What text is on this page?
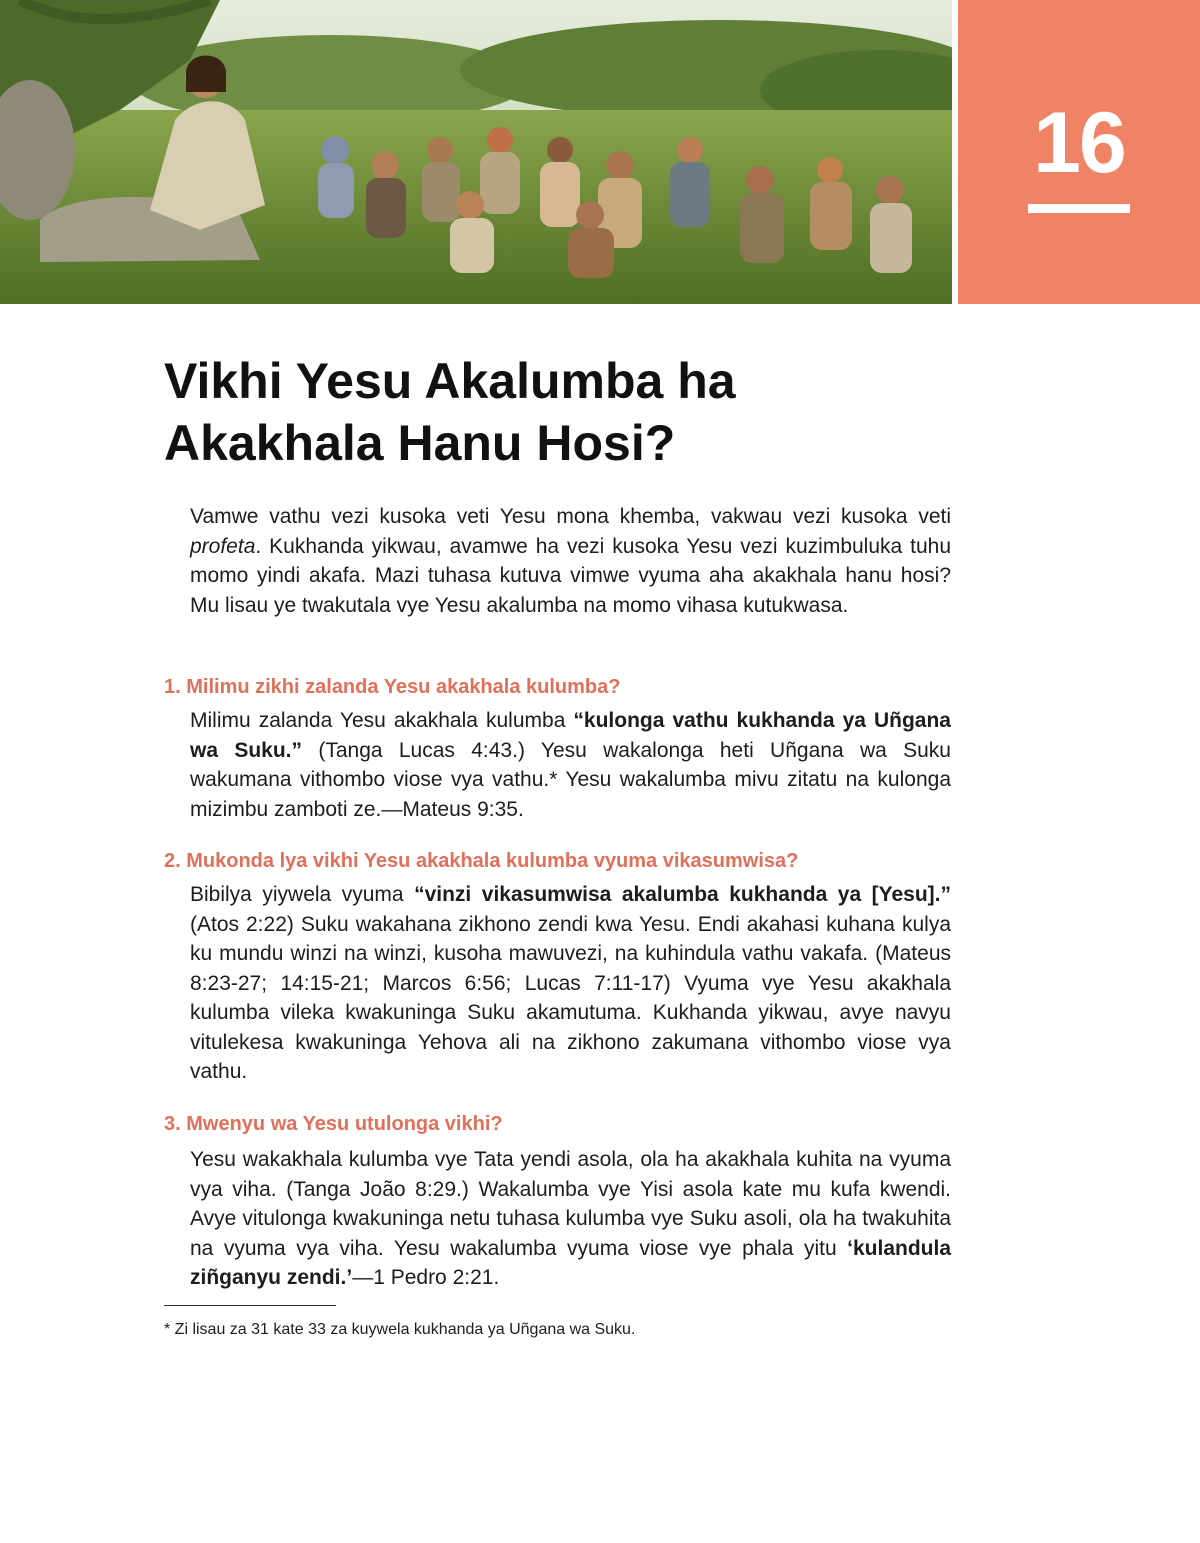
16
Vikhi Yesu Akalumba ha
Akakhala Hanu Hosi?

Vamwe vathu vezi kusoka veti Yesu mona khemba, vakwau vezi kusoka veti profeta. Kukhanda yikwau, avamwe ha vezi kusoka Yesu vezi kuzimbuluka tuhu momo yindi akafa. Mazi tuhasa kutuva vimwe vyuma aha akakhala hanu hosi? Mu lisau ye twakutala vye Yesu akalumba na momo vihasa kutukwasa.

1. Milimu zikhi zalanda Yesu akakhala kulumba?

Milimu zalanda Yesu akakhala kulumba “kulonga vathu kukhanda ya Uñgana wa Suku.” (Tanga Lucas 4:43.) Yesu wakalonga heti Uñgana wa Suku wakumana vithombo viose vya vathu.* Yesu wakalumba mivu zitatu na kulonga mizimbu zamboti ze.—Mateus 9:35.

2. Mukonda lya vikhi Yesu akakhala kulumba vyuma vikasumwisa?

Bibilya yiywela vyuma “vinzi vikasumwisa akalumba kukhanda ya [Yesu].” (Atos 2:22) Suku wakahana zikhono zendi kwa Yesu. Endi akahasi kuhana kulya ku mundu winzi na winzi, kusoha mawuvezi, na kuhindula vathu vakafa. (Mateus 8:23-27; 14:15-21; Marcos 6:56; Lucas 7:11-17) Vyuma vye Yesu akakhala kulumba vileka kwakuninga Suku akamutuma. Kukhanda yikwau, avye navyu vitulekesa kwakuninga Yehova ali na zikhono zakumana vithombo viose vya vathu.

3. Mwenyu wa Yesu utulonga vikhi?

Yesu wakakhala kulumba vye Tata yendi asola, ola ha akakhala kuhita na vyuma vya viha. (Tanga João 8:29.) Wakalumba vye Yisi asola kate mu kufa kwendi. Avye vitulonga kwakuninga netu tuhasa kulumba vye Suku asoli, ola ha twakuhita na vyuma vya viha. Yesu wakalumba vyuma viose vye phala yitu ‘kulandula ziñganyu zendi.’—1 Pedro 2:21.

* Zi lisau za 31 kate 33 za kuywela kukhanda ya Uñgana wa Suku.
